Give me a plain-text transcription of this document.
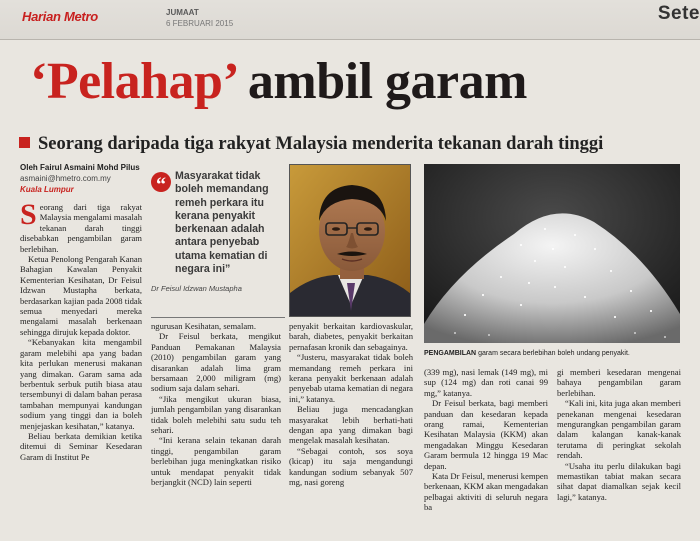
Harian Metro	JUMAAT
6 FEBRUARI 2015	Sete
‘Pelahap’ ambil garam
Seorang daripada tiga rakyat Malaysia menderita tekanan darah tinggi
Oleh Fairul Asmaini Mohd Pilus
asmaini@hmetro.com.my
Kuala Lumpur

Seorang dari tiga rakyat Malaysia mengalami masalah tekanan darah tinggi disebabkan pengambilan garam berlebihan.

Ketua Penolong Pengarah Kanan Bahagian Kawalan Penyakit Kementerian Kesihatan, Dr Feisul Idzwan Mustapha berkata, berdasarkan kajian pada 2008 tidak semua menyedari mereka mengalami masalah berkenaan sehingga dirujuk kepada doktor.

“Kebanyakan kita mengambil garam melebihi apa yang badan kita perlukan menerusi makanan yang dimakan. Garam sama ada berbentuk serbuk putih biasa atau tersembunyi di dalam bahan perasa tambahan mempunyai kandungan sodium yang tinggi dan ia boleh menjejaskan kesihatan,” katanya.

Beliau berkata demikian ketika ditemui di Seminar Kesedaran Garam di Institut Pe

“ Masyarakat tidak boleh memandang remeh perkara itu kerana penyakit berkenaan adalah antara penyebab utama kematian di negara ini”
Dr Feisul Idzwan Mustapha

ngurusan Kesihatan, semalam.

Dr Feisul berkata, mengikut Panduan Pemakanan Malaysia (2010) pengambilan garam yang disarankan adalah lima gram bersamaan 2,000 miligram (mg) sodium saja dalam sehari.

“Jika mengikut ukuran biasa, jumlah pengambilan yang disarankan tidak boleh melebihi satu sudu teh sehari.

“Ini kerana selain tekanan darah tinggi, pengambilan garam berlebihan juga meningkatkan risiko untuk mendapat penyakit tidak berjangkit (NCD) lain seperti

penyakit berkaitan kardiovaskular, barah, diabetes, penyakit berkaitan pernafasan kronik dan sebagainya.

“Justeru, masyarakat tidak boleh memandang remeh perkara ini kerana penyakit berkenaan adalah penyebab utama kematian di negara ini,” katanya.

Beliau juga mencadangkan masyarakat lebih berhati-hati dengan apa yang dimakan bagi mengelak masalah kesihatan.

“Sebagai contoh, sos soya (kicap) itu saja mengandungi kandungan sodium sebanyak 507 mg, nasi goreng

PENGAMBILAN garam secara berlebihan boleh undang penyakit.

(339 mg), nasi lemak (149 mg), mi sup (124 mg) dan roti canai 99 mg,” katanya.

Dr Feisul berkata, bagi memberi panduan dan kesedaran kepada orang ramai, Kementerian Kesihatan Malaysia (KKM) akan mengadakan Minggu Kesedaran Garam bermula 12 hingga 19 Mac depan.

Kata Dr Feisul, menerusi kempen berkenaan, KKM akan mengadakan pelbagai aktiviti di seluruh negara ba

gi memberi kesedaran mengenai bahaya pengambilan garam berlebihan.

“Kali ini, kita juga akan memberi penekanan mengenai kesedaran mengurangkan pengambilan garam dalam kalangan kanak-kanak terutama di peringkat sekolah rendah.

“Usaha itu perlu dilakukan bagi memastikan tabiat makan secara sihat dapat diamalkan sejak kecil lagi,” katanya.
